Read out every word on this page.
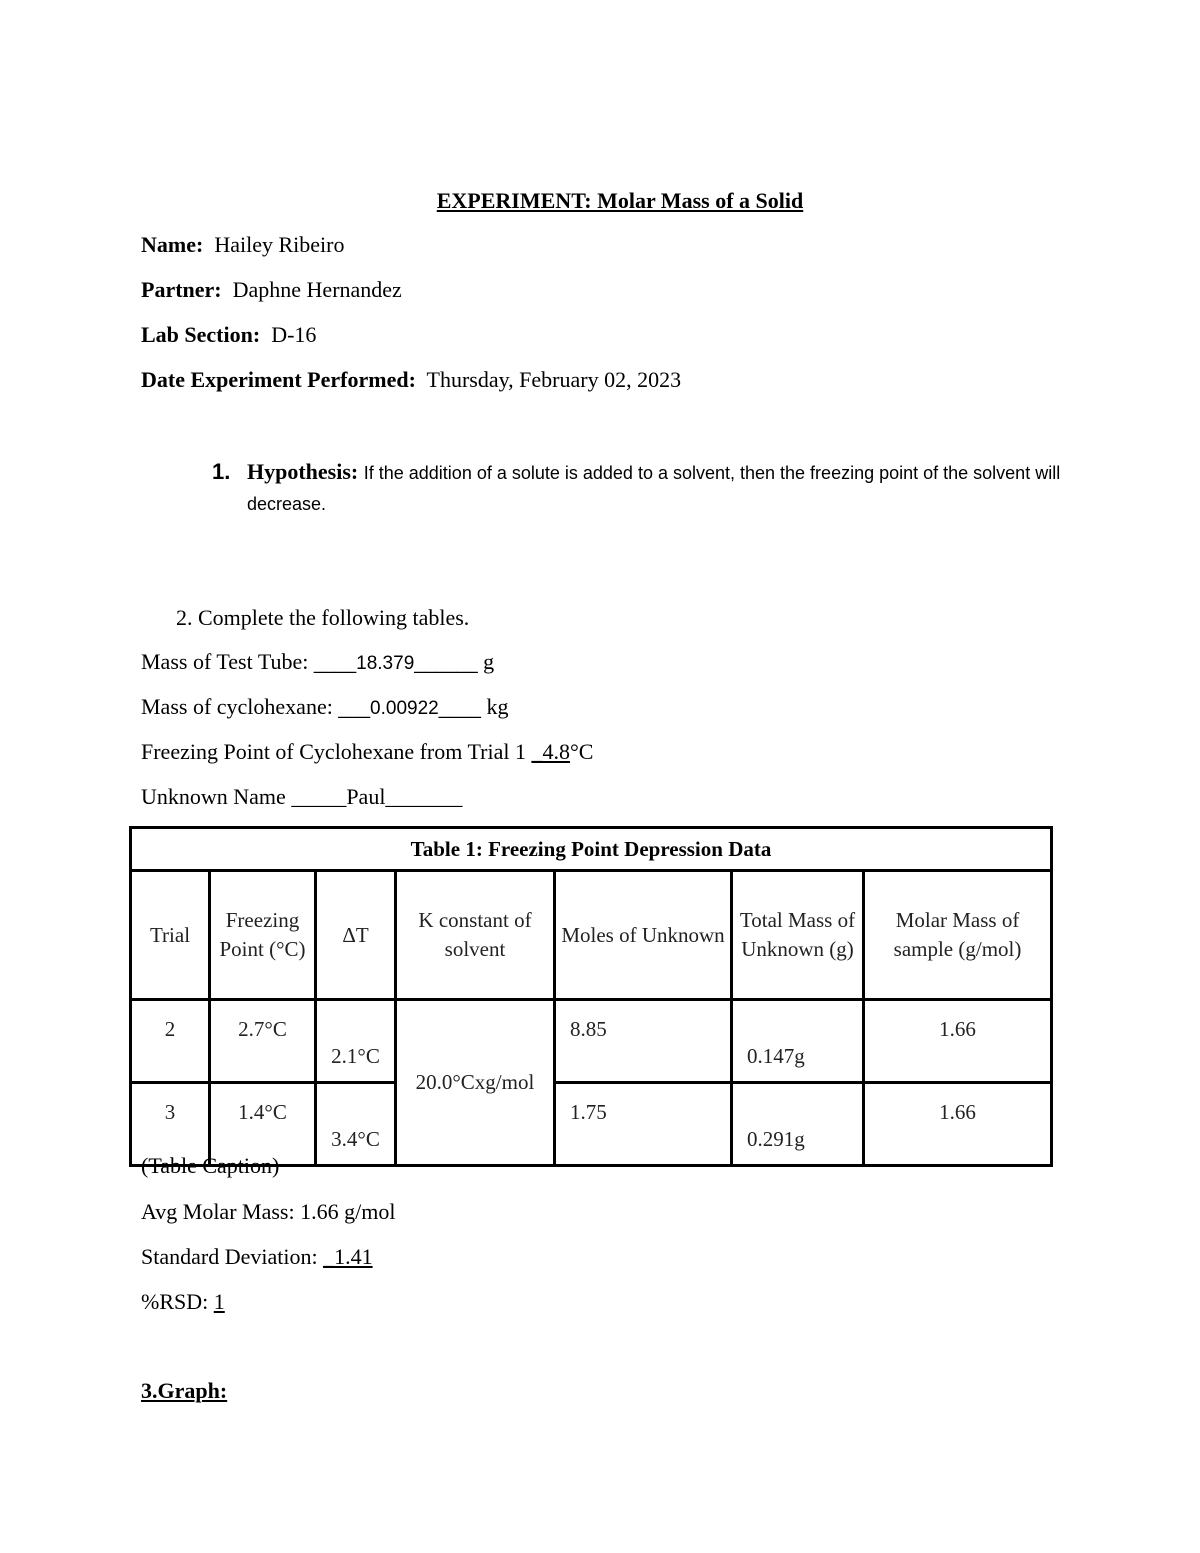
EXPERIMENT: Molar Mass of a Solid
Name: Hailey Ribeiro
Partner: Daphne Hernandez
Lab Section: D-16
Date Experiment Performed: Thursday, February 02, 2023
1. Hypothesis: If the addition of a solute is added to a solvent, then the freezing point of the solvent will decrease.
2. Complete the following tables.
Mass of Test Tube: ____18.379______ g
Mass of cyclohexane: ___0.00922____ kg
Freezing Point of Cyclohexane from Trial 1 _4.8°C
Unknown Name _____Paul_______
Table 1: Freezing Point Depression Data						
Trial	Freezing Point (°C)	ΔT	K constant of solvent	Moles of Unknown	Total Mass of Unknown (g)	Molar Mass of sample (g/mol)
2	2.7°C	2.1°C	20.0°Cxg/mol	8.85	0.147g	1.66
3	1.4°C	3.4°C		1.75	0.291g	1.66
(Table Caption)
Avg Molar Mass: 1.66 g/mol
Standard Deviation: _1.41
%RSD: 1
3.Graph:
